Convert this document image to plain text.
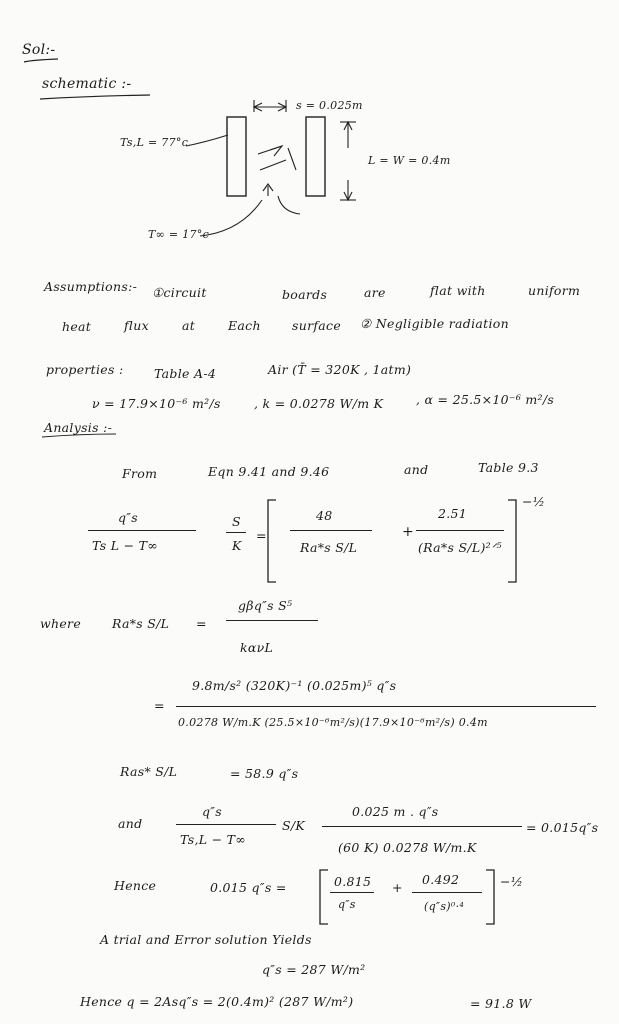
Sol:-
schematic :-
s = 0.025m
L = W = 0.4m
Ts,L = 77°c
T∞ = 17°c
Assumptions:- ①circuit	boards	are	flat with	uniform
heat	flux	at	Each surface ② Negligible radiation
properties : Table A-4	Air (T̄ = 320K , 1atm)
ν = 17.9×10⁻⁶ m²/s	, k = 0.0278 W/m K	, α = 25.5×10⁻⁶ m²/s
Analysis :-
From	Eqn 9.41 and 9.46	and	Table 9.3
q″s
Ts L − T∞
S
K
=
48
Ra*s S/L
+
2.51
(Ra*s S/L)²ᐟ⁵
−½
where Ra*s S/L =
gβq″s S⁵
kανL
=
9.8m/s² (320K)⁻¹ (0.025m)⁵ q″s
0.0278 W/m.K (25.5×10⁻⁶m²/s)(17.9×10⁻⁶m²/s) 0.4m
Ras* S/L	= 58.9 q″s
and
q″s
Ts,L − T∞
S/K
0.025 m . q″s
(60 K) 0.0278 W/m.K
= 0.015q″s
Hence	0.015 q″s =	0.815
q″s
+
0.492
(q″s)⁰·⁴
−½
A trial and Error solution Yields
q″s = 287 W/m²
Hence q = 2Asq″s = 2(0.4m)² (287 W/m²)	= 91.8 W
